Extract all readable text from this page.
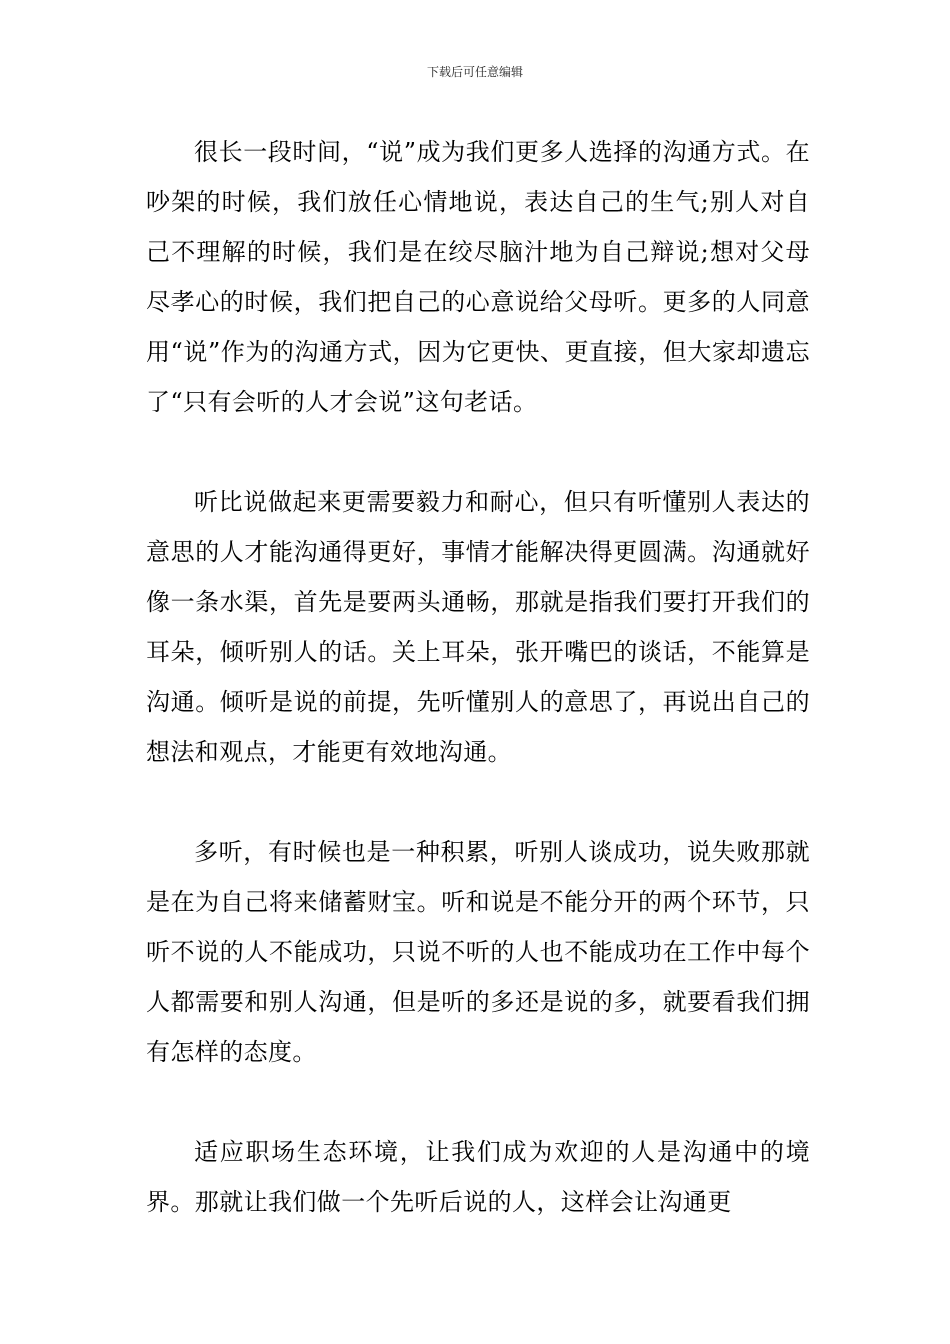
下载后可任意编辑

很长一段时间，“说”成为我们更多人选择的沟通方式。在吵架的时候，我们放任心情地说，表达自己的生气;别人对自己不理解的时候，我们是在绞尽脑汁地为自己辩说;想对父母尽孝心的时候，我们把自己的心意说给父母听。更多的人同意用“说”作为的沟通方式，因为它更快、更直接，但大家却遗忘了“只有会听的人才会说”这句老话。

听比说做起来更需要毅力和耐心，但只有听懂别人表达的意思的人才能沟通得更好，事情才能解决得更圆满。沟通就好像一条水渠，首先是要两头通畅，那就是指我们要打开我们的耳朵，倾听别人的话。关上耳朵，张开嘴巴的谈话，不能算是沟通。倾听是说的前提，先听懂别人的意思了，再说出自己的想法和观点，才能更有效地沟通。

多听，有时候也是一种积累，听别人谈成功，说失败那就是在为自己将来储蓄财宝。听和说是不能分开的两个环节，只听不说的人不能成功，只说不听的人也不能成功在工作中每个人都需要和别人沟通，但是听的多还是说的多，就要看我们拥有怎样的态度。

适应职场生态环境，让我们成为欢迎的人是沟通中的境界。那就让我们做一个先听后说的人，这样会让沟通更
